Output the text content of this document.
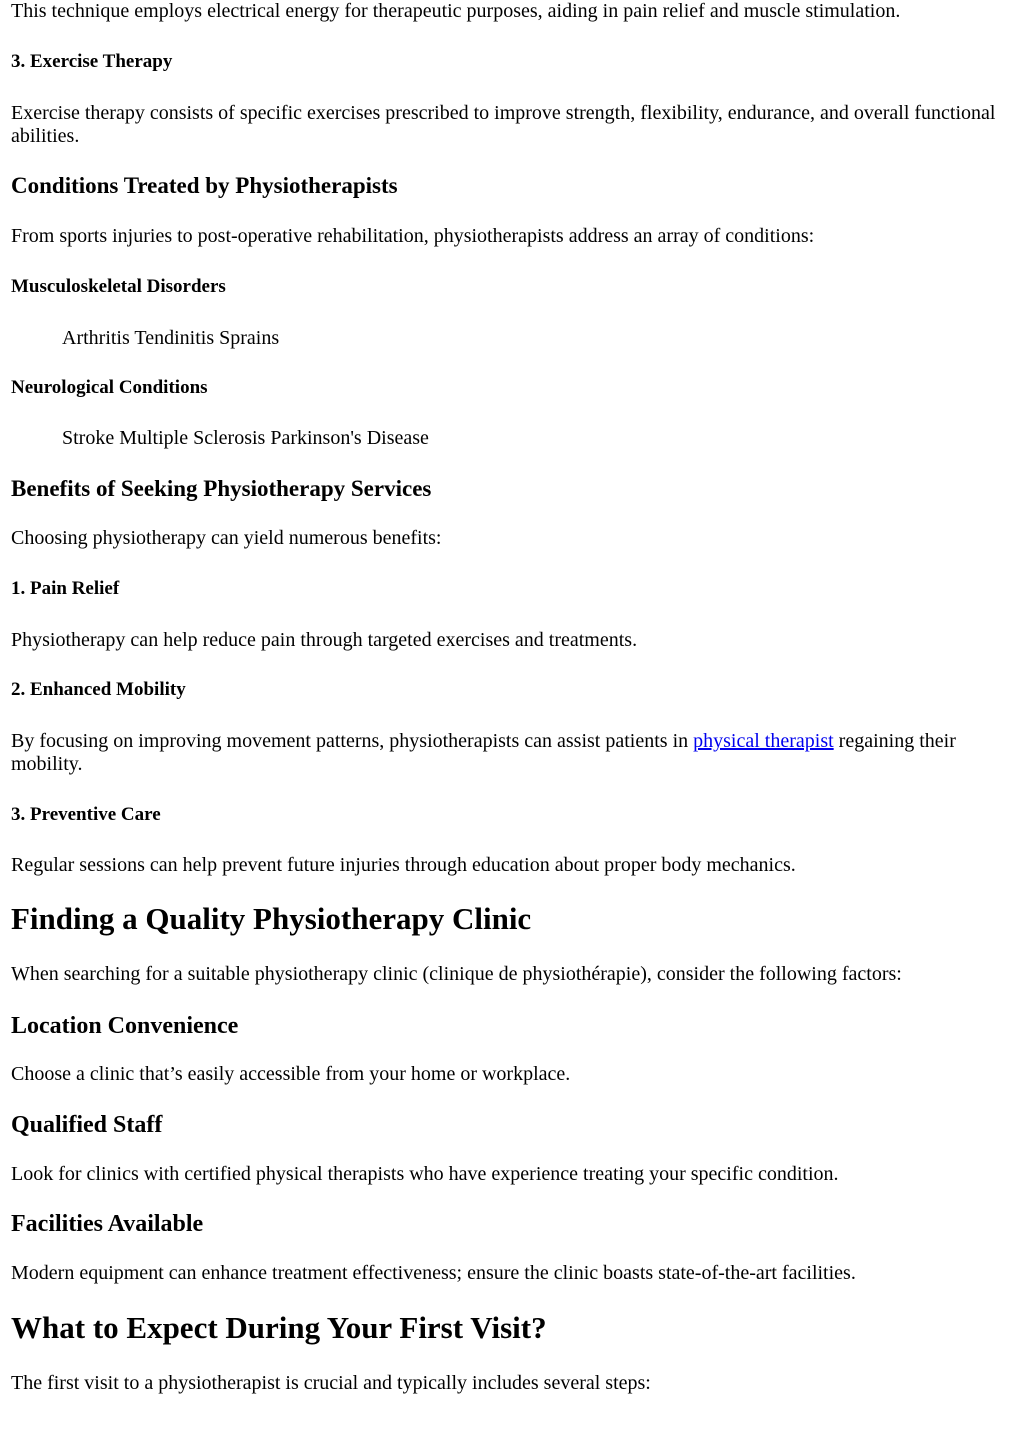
This technique employs electrical energy for therapeutic purposes, aiding in pain relief and muscle stimulation.

3. Exercise Therapy

Exercise therapy consists of specific exercises prescribed to improve strength, flexibility, endurance, and overall functional abilities.

Conditions Treated by Physiotherapists

From sports injuries to post-operative rehabilitation, physiotherapists address an array of conditions:

Musculoskeletal Disorders

Arthritis Tendinitis Sprains

Neurological Conditions

Stroke Multiple Sclerosis Parkinson's Disease

Benefits of Seeking Physiotherapy Services

Choosing physiotherapy can yield numerous benefits:

1. Pain Relief

Physiotherapy can help reduce pain through targeted exercises and treatments.

2. Enhanced Mobility

By focusing on improving movement patterns, physiotherapists can assist patients in physical therapist regaining their mobility.

3. Preventive Care

Regular sessions can help prevent future injuries through education about proper body mechanics.

Finding a Quality Physiotherapy Clinic

When searching for a suitable physiotherapy clinic (clinique de physiothérapie), consider the following factors:

Location Convenience

Choose a clinic that’s easily accessible from your home or workplace.

Qualified Staff

Look for clinics with certified physical therapists who have experience treating your specific condition.

Facilities Available

Modern equipment can enhance treatment effectiveness; ensure the clinic boasts state-of-the-art facilities.

What to Expect During Your First Visit?

The first visit to a physiotherapist is crucial and typically includes several steps:
